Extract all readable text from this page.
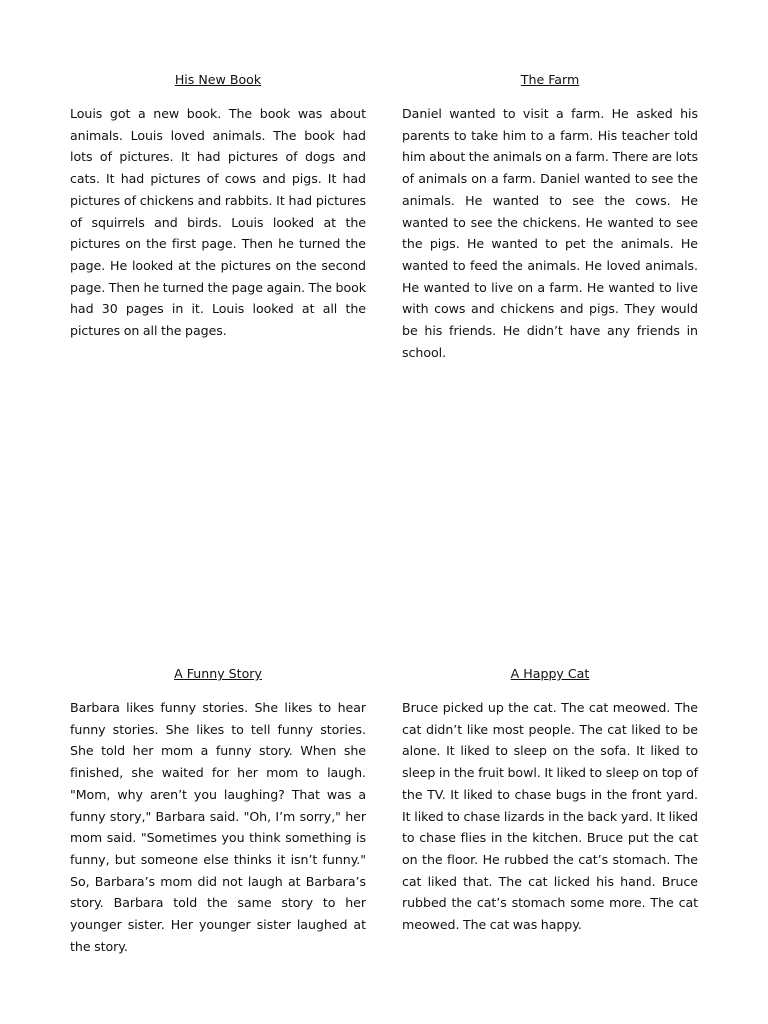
His New Book

Louis got a new book. The book was about animals. Louis loved animals. The book had lots of pictures. It had pictures of dogs and cats. It had pictures of cows and pigs. It had pictures of chickens and rabbits. It had pictures of squirrels and birds. Louis looked at the pictures on the first page. Then he turned the page. He looked at the pictures on the second page. Then he turned the page again. The book had 30 pages in it. Louis looked at all the pictures on all the pages.

The Farm

Daniel wanted to visit a farm. He asked his parents to take him to a farm. His teacher told him about the animals on a farm. There are lots of animals on a farm. Daniel wanted to see the animals. He wanted to see the cows. He wanted to see the chickens. He wanted to see the pigs. He wanted to pet the animals. He wanted to feed the animals. He loved animals. He wanted to live on a farm. He wanted to live with cows and chickens and pigs. They would be his friends. He didn’t have any friends in school.

A Funny Story

Barbara likes funny stories. She likes to hear funny stories. She likes to tell funny stories. She told her mom a funny story. When she finished, she waited for her mom to laugh. "Mom, why aren’t you laughing? That was a funny story," Barbara said. "Oh, I’m sorry," her mom said. "Sometimes you think something is funny, but someone else thinks it isn’t funny." So, Barbara’s mom did not laugh at Barbara’s story. Barbara told the same story to her younger sister. Her younger sister laughed at the story.

A Happy Cat

Bruce picked up the cat. The cat meowed. The cat didn’t like most people. The cat liked to be alone. It liked to sleep on the sofa. It liked to sleep in the fruit bowl. It liked to sleep on top of the TV. It liked to chase bugs in the front yard. It liked to chase lizards in the back yard. It liked to chase flies in the kitchen. Bruce put the cat on the floor. He rubbed the cat’s stomach. The cat liked that. The cat licked his hand. Bruce rubbed the cat’s stomach some more. The cat meowed. The cat was happy.
